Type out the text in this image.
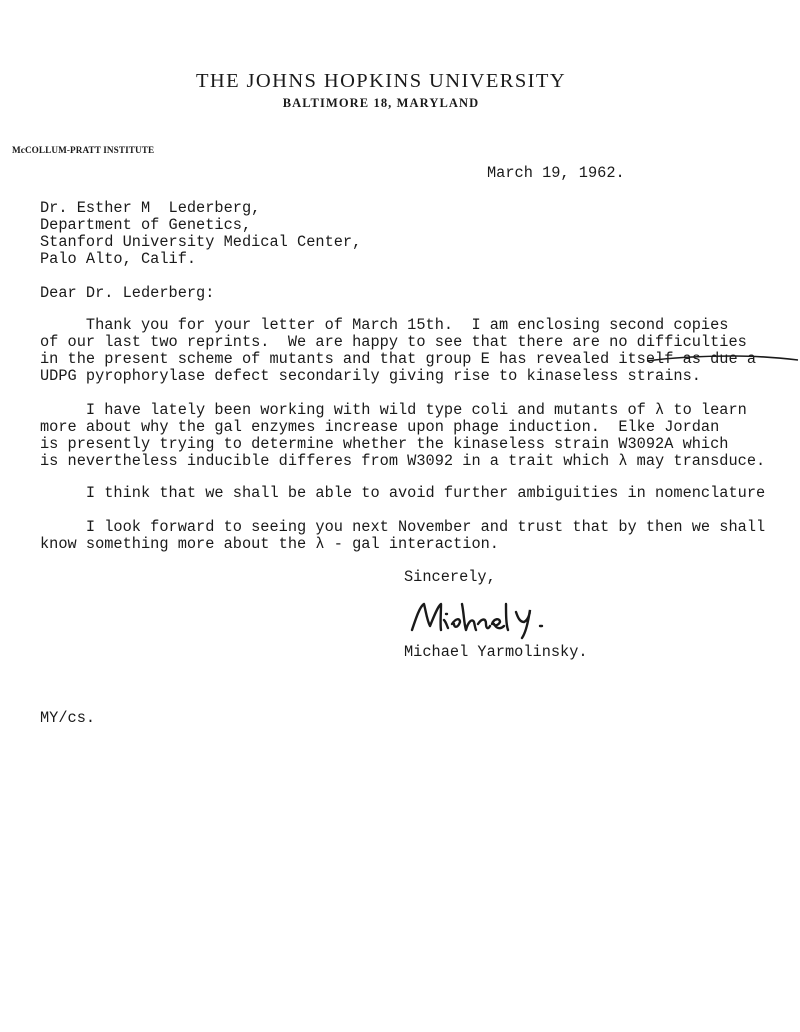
THE JOHNS HOPKINS UNIVERSITY
BALTIMORE 18, MARYLAND
McCOLLUM-PRATT INSTITUTE
March 19, 1962.
Dr. Esther M  Lederberg,
Department of Genetics,
Stanford University Medical Center,
Palo Alto, Calif.
Dear Dr. Lederberg:
Thank you for your letter of March 15th.  I am enclosing second copies
of our last two reprints.  We are happy to see that there are no difficulties
in the present scheme of mutants and that group E has revealed itself as due a
UDPG pyrophorylase defect secondarily giving rise to kinaseless strains.
I have lately been working with wild type coli and mutants of λ to learn
more about why the gal enzymes increase upon phage induction.  Elke Jordan
is presently trying to determine whether the kinaseless strain W3092A which
is nevertheless inducible differes from W3092 in a trait which λ may transduce.
I think that we shall be able to avoid further ambiguities in nomenclature
I look forward to seeing you next November and trust that by then we shall
know something more about the λ - gal interaction.
Sincerely,
Michael Yarmolinsky.
MY/cs.
